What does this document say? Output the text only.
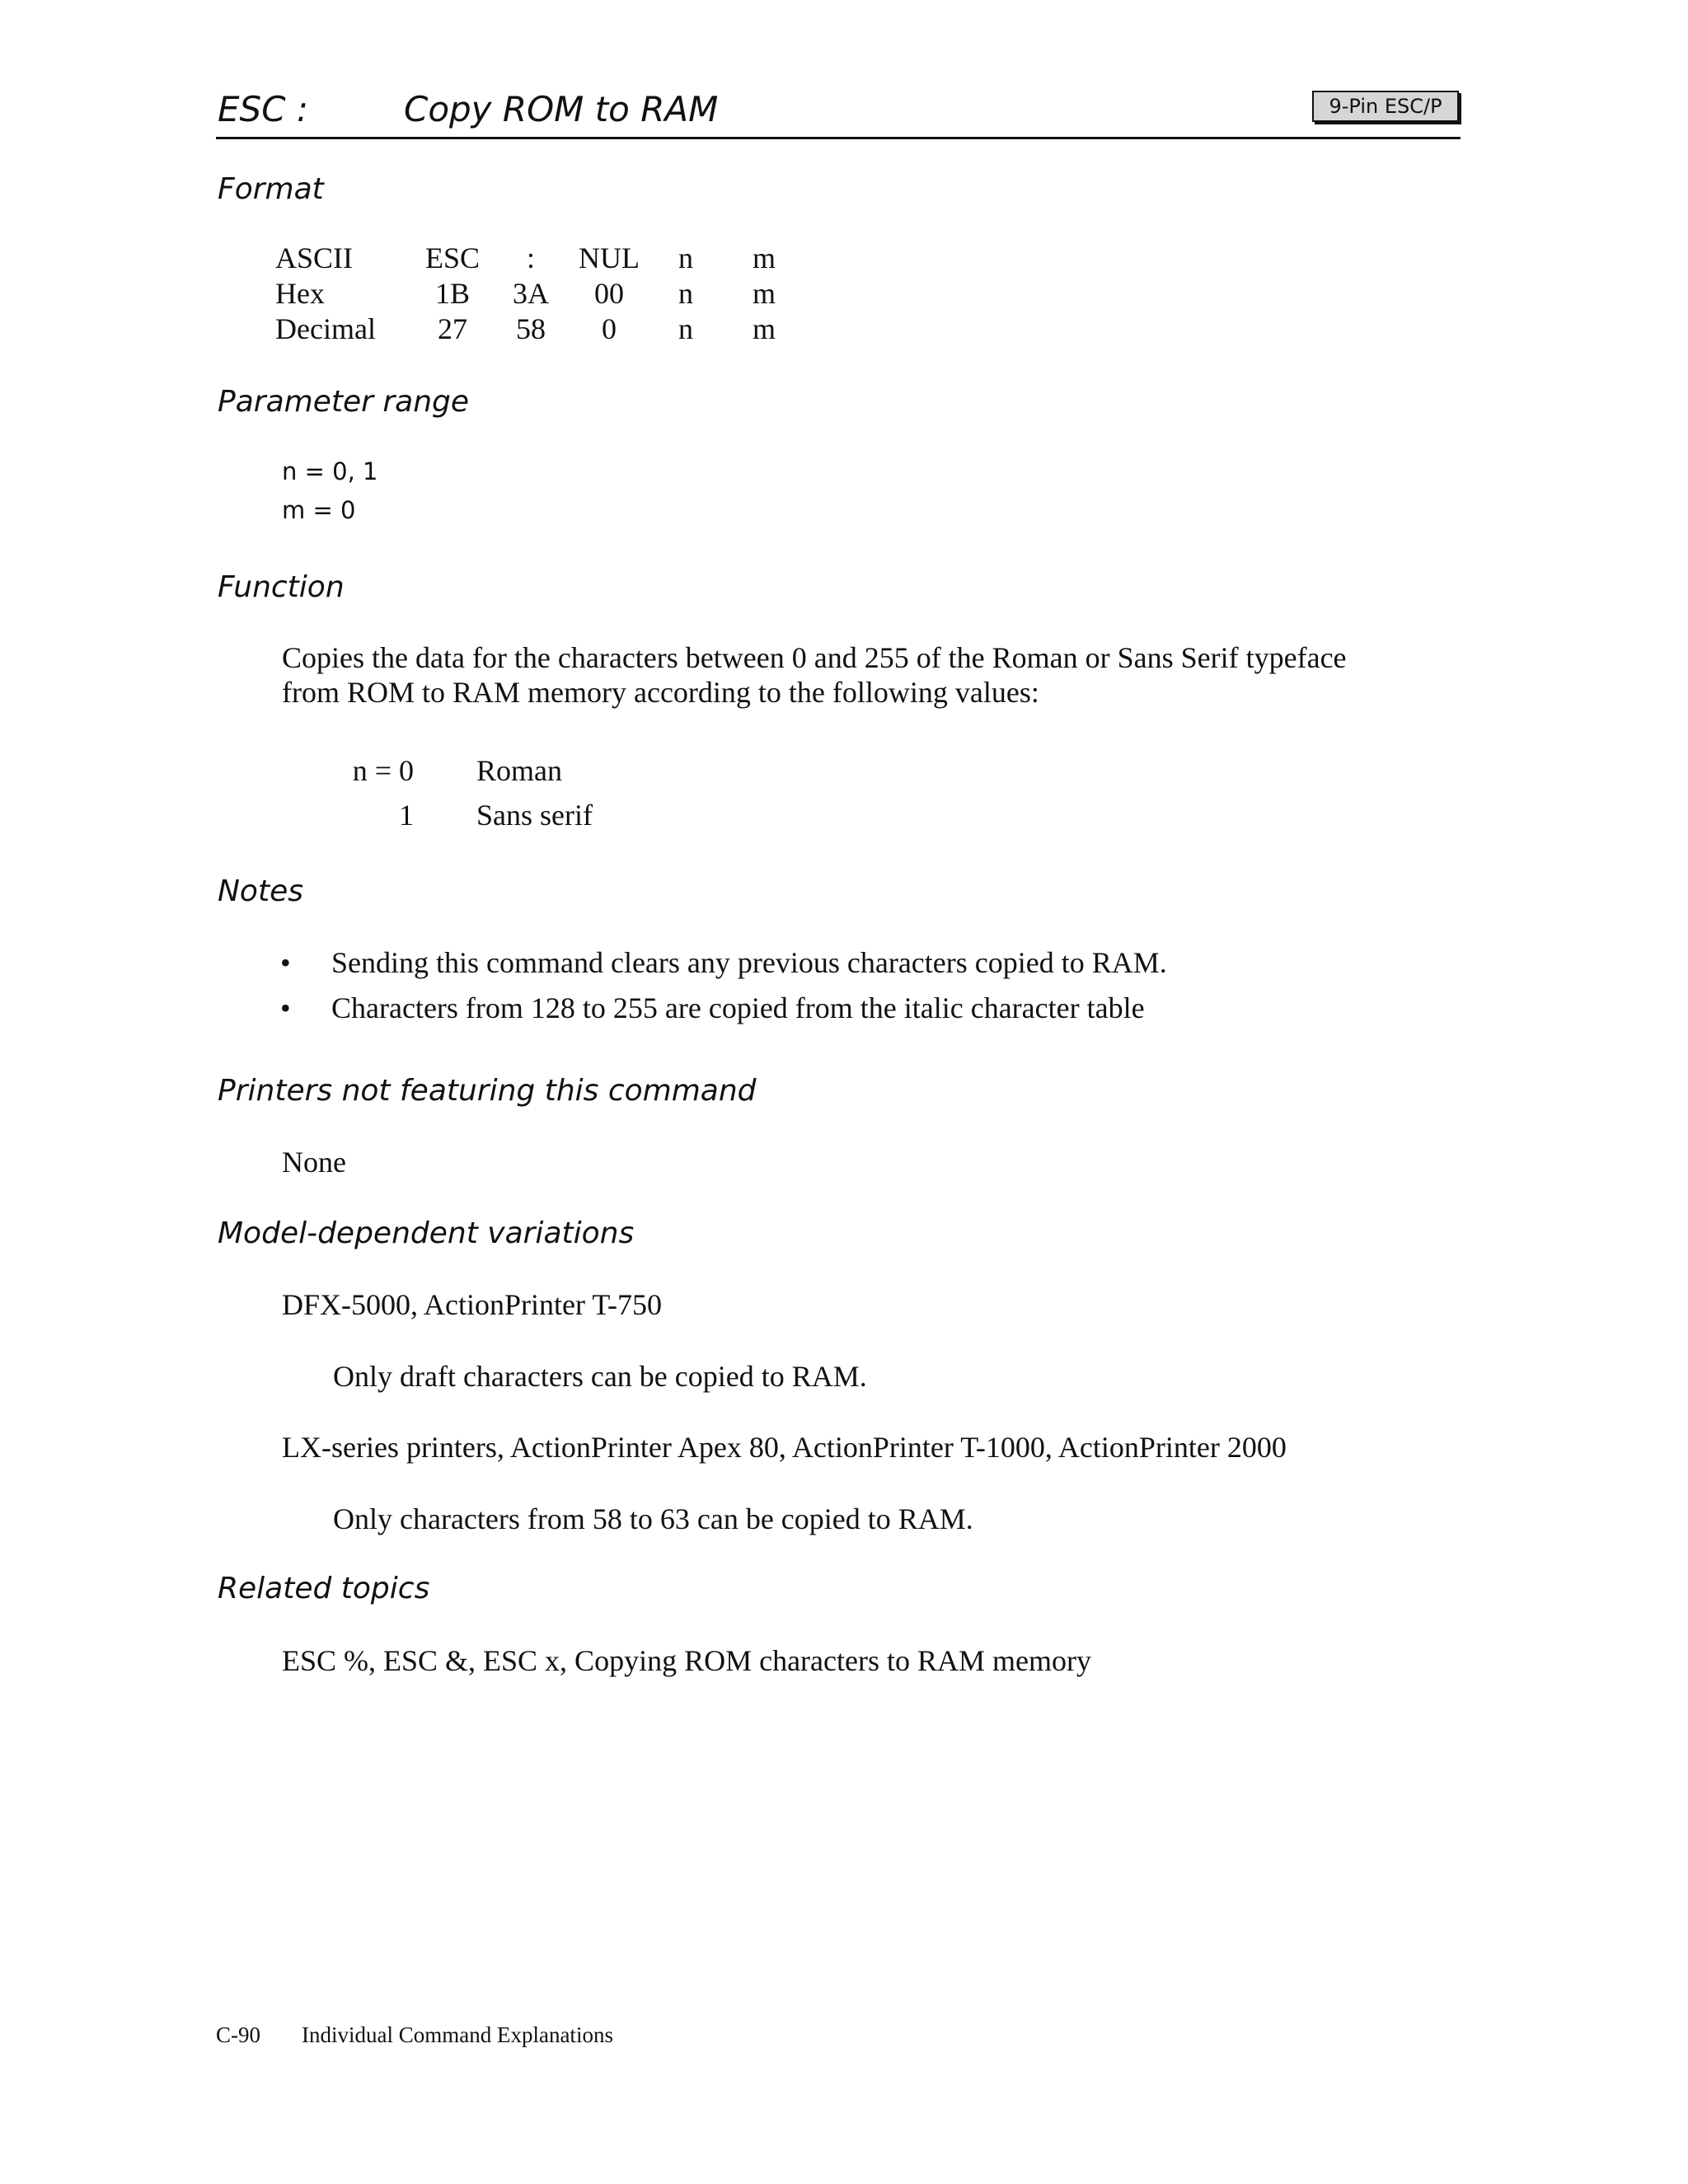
ESC :	Copy ROM to RAM	9-Pin ESC/P
Format
ASCII	ESC	:	NUL	n	m
Hex	1B	3A	00	n	m
Decimal	27	58	0	n	m
Parameter range
n = 0, 1
m = 0
Function
Copies the data for the characters between 0 and 255 of the Roman or Sans Serif typeface
from ROM to RAM memory according to the following values:
n = 0	Roman
1	Sans serif
Notes
• Sending this command clears any previous characters copied to RAM.
• Characters from 128 to 255 are copied from the italic character table
Printers not featuring this command
None
Model-dependent variations
DFX-5000, ActionPrinter T-750
Only draft characters can be copied to RAM.
LX-series printers, ActionPrinter Apex 80, ActionPrinter T-1000, ActionPrinter 2000
Only characters from 58 to 63 can be copied to RAM.
Related topics
ESC %, ESC &, ESC x, Copying ROM characters to RAM memory
C-90 Individual Command Explanations
